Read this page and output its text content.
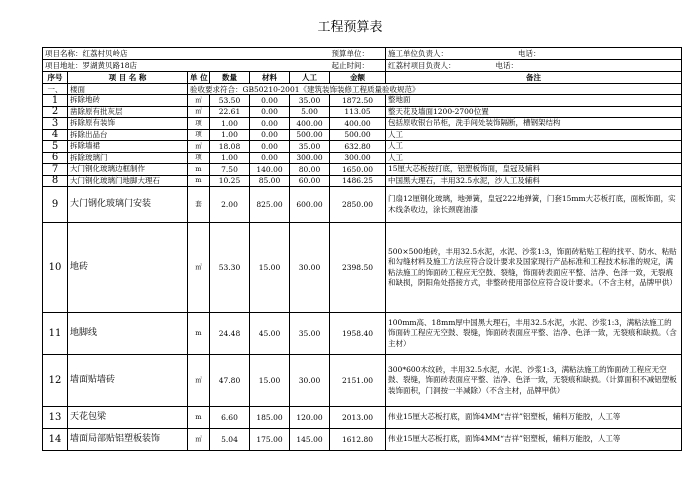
工程预算表
项目名称：红荔村贝岭店						预算单位：	施工单位负责人： 电话：
项目地址：罗湖黄贝路18店						起止时间：	红荔村项目负责人： 电话：
序号	项 目 名 称	单 位	数量	材料	人工	金额	备注
一、	楼面	验收要求符合：GB50210-2001《建筑装饰装修工程质量验收规范》					
1	拆除地砖	㎡	53.50	0.00	35.00	1872.50	整地面
2	凿除原有批灰层	㎡	22.61	0.00	5.00	113.05	整天花及墙面1200-2700位置
3	拆除原有装饰	项	1.00	0.00	400.00	400.00	包括原收银台吊柜，洗手间处装饰隔断，槽钢架结构
4	拆除出品台	项	1.00	0.00	500.00	500.00	人工
5	拆除墙裙	㎡	18.08	0.00	35.00	632.80	人工
6	拆除玻璃门	项	1.00	0.00	300.00	300.00	人工
7	大门钢化玻璃边框制作	m	7.50	140.00	80.00	1650.00	15厘大芯板按打底，铝塑板饰面，皇冠及辅料
8	大门钢化玻璃门地脚大理石	m	10.25	85.00	60.00	1486.25	中国黑大理石，丰用32.5水泥，沙人工及辅料
9	大门钢化玻璃门安装	套	2.00	825.00	600.00	2850.00	门扇12厘钢化玻璃，地弹簧，皇冠222地弹簧，门套15mm大芯板打底，面板饰面，实木线条收边，涂长颈鹿油漆
10	地砖	㎡	53.30	15.00	30.00	2398.50	500×500地砖，丰用32.5水泥，水泥、沙浆1:3，饰面砖粘贴工程的找平、防水、粘贴和勾缝材料及施工方法应符合设计要求及国家现行产品标准和工程技术标准的规定，满粘法施工的饰面砖工程应无空鼓、裂缝，饰面砖表面应平整、洁净、色泽一致，无裂痕和缺损，阴阳角处搭接方式，非整砖使用部位应符合设计要求。（不含主材，品牌甲供）
11	地脚线	m	24.48	45.00	35.00	1958.40	100mm高、18mm厚中国黑大理石，丰用32.5水泥，水泥、沙浆1:3，满粘法施工的饰面砖工程应无空鼓、裂缝，饰面砖表面应平整、洁净、色泽一致，无裂痕和缺损。（含主材）
12	墙面贴墙砖	㎡	47.80	15.00	30.00	2151.00	300*600木纹砖，丰用32.5水泥，水泥、沙浆1:3，满粘法施工的饰面砖工程应无空鼓、裂缝，饰面砖表面应平整、洁净、色泽一致，无裂痕和缺损。（计算面积不减铝塑板装饰面积，门洞按一半减除）（不含主材，品牌甲供）
13	天花包梁	m	6.60	185.00	120.00	2013.00	伟业15厘大芯板打底，面饰4MM“吉祥”铝塑板，辅料万能胶，人工等
14	墙面局部贴铝塑板装饰	㎡	5.04	175.00	145.00	1612.80	伟业15厘大芯板打底，面饰4MM“吉祥”铝塑板，辅料万能胶，人工等
